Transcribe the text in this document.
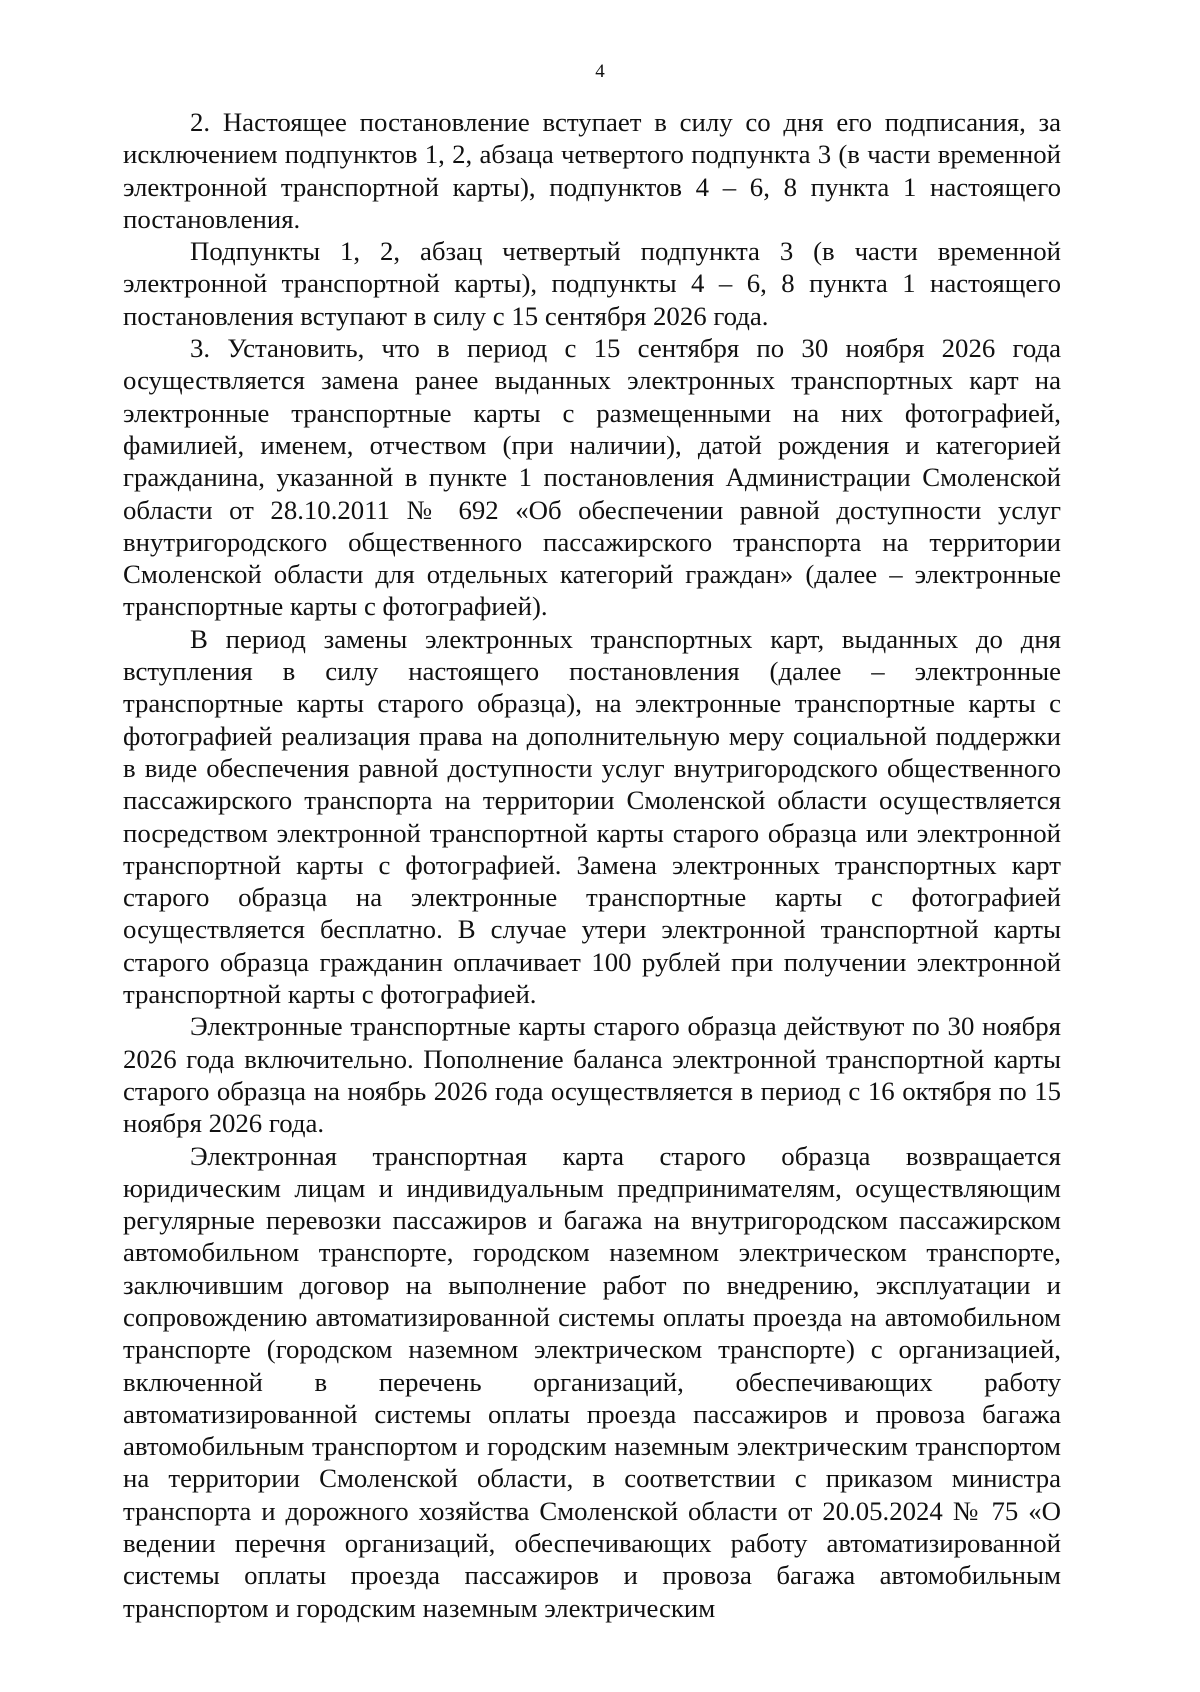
4

2. Настоящее постановление вступает в силу со дня его подписания, за исключением подпунктов 1, 2, абзаца четвертого подпункта 3 (в части временной электронной транспортной карты), подпунктов 4 – 6, 8 пункта 1 настоящего постановления.

Подпункты 1, 2, абзац четвертый подпункта 3 (в части временной электронной транспортной карты), подпункты 4 – 6, 8 пункта 1 настоящего постановления вступают в силу с 15 сентября 2026 года.

3. Установить, что в период с 15 сентября по 30 ноября 2026 года осуществляется замена ранее выданных электронных транспортных карт на электронные транспортные карты с размещенными на них фотографией, фамилией, именем, отчеством (при наличии), датой рождения и категорией гражданина, указанной в пункте 1 постановления Администрации Смоленской области от 28.10.2011 № 692 «Об обеспечении равной доступности услуг внутригородского общественного пассажирского транспорта на территории Смоленской области для отдельных категорий граждан» (далее – электронные транспортные карты с фотографией).

В период замены электронных транспортных карт, выданных до дня вступления в силу настоящего постановления (далее – электронные транспортные карты старого образца), на электронные транспортные карты с фотографией реализация права на дополнительную меру социальной поддержки в виде обеспечения равной доступности услуг внутригородского общественного пассажирского транспорта на территории Смоленской области осуществляется посредством электронной транспортной карты старого образца или электронной транспортной карты с фотографией. Замена электронных транспортных карт старого образца на электронные транспортные карты с фотографией осуществляется бесплатно. В случае утери электронной транспортной карты старого образца гражданин оплачивает 100 рублей при получении электронной транспортной карты с фотографией.

Электронные транспортные карты старого образца действуют по 30 ноября 2026 года включительно. Пополнение баланса электронной транспортной карты старого образца на ноябрь 2026 года осуществляется в период с 16 октября по 15 ноября 2026 года.

Электронная транспортная карта старого образца возвращается юридическим лицам и индивидуальным предпринимателям, осуществляющим регулярные перевозки пассажиров и багажа на внутригородском пассажирском автомобильном транспорте, городском наземном электрическом транспорте, заключившим договор на выполнение работ по внедрению, эксплуатации и сопровождению автоматизированной системы оплаты проезда на автомобильном транспорте (городском наземном электрическом транспорте) с организацией, включенной в перечень организаций, обеспечивающих работу автоматизированной системы оплаты проезда пассажиров и провоза багажа автомобильным транспортом и городским наземным электрическим транспортом на территории Смоленской области, в соответствии с приказом министра транспорта и дорожного хозяйства Смоленской области от 20.05.2024 № 75 «О ведении перечня организаций, обеспечивающих работу автоматизированной системы оплаты проезда пассажиров и провоза багажа автомобильным транспортом и городским наземным электрическим
